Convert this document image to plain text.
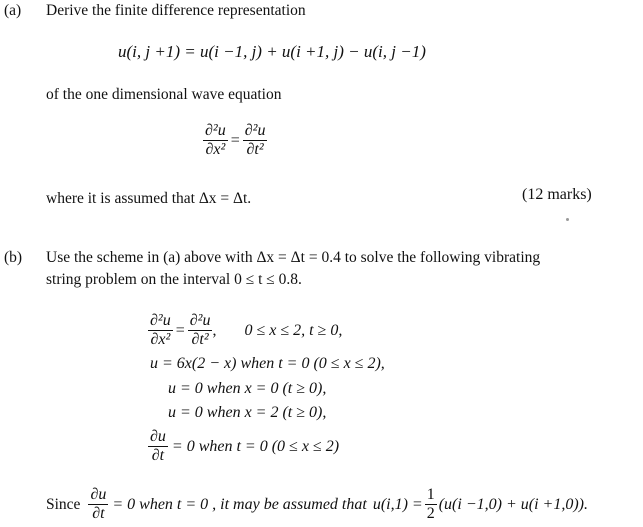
(a) Derive the finite difference representation
u(i, j +1) = u(i −1, j) + u(i +1, j) − u(i, j −1)
of the one dimensional wave equation
$\frac{\text{∂²u}}{\text{∂x²}} = \frac{\text{∂²u}}{\text{∂t²}}$
where it is assumed that Δx = Δt.	(12 marks)
(b) Use the scheme in (a) above with Δx = Δt = 0.4 to solve the following vibrating
string problem on the interval 0 ≤ t ≤ 0.8.
$\frac{\text{∂²u}}{\text{∂x²}} = \frac{\text{∂²u}}{\text{∂t²}}$ , 0 ≤ x ≤ 2, t ≥ 0,
u = 6x(2 − x) when t = 0 (0 ≤ x ≤ 2),
u = 0 when x = 0 (t ≥ 0),
u = 0 when x = 2 (t ≥ 0),
$\frac{\partial u}{\partial t} = 0$ when t = 0 (0 ≤ x ≤ 2)
Since $\frac{\partial u}{\partial t} = 0$ when t = 0 , it may be assumed that $u(i,1) = \frac{1}{2} (u(i -1,0) + u(i +1,0))$.
